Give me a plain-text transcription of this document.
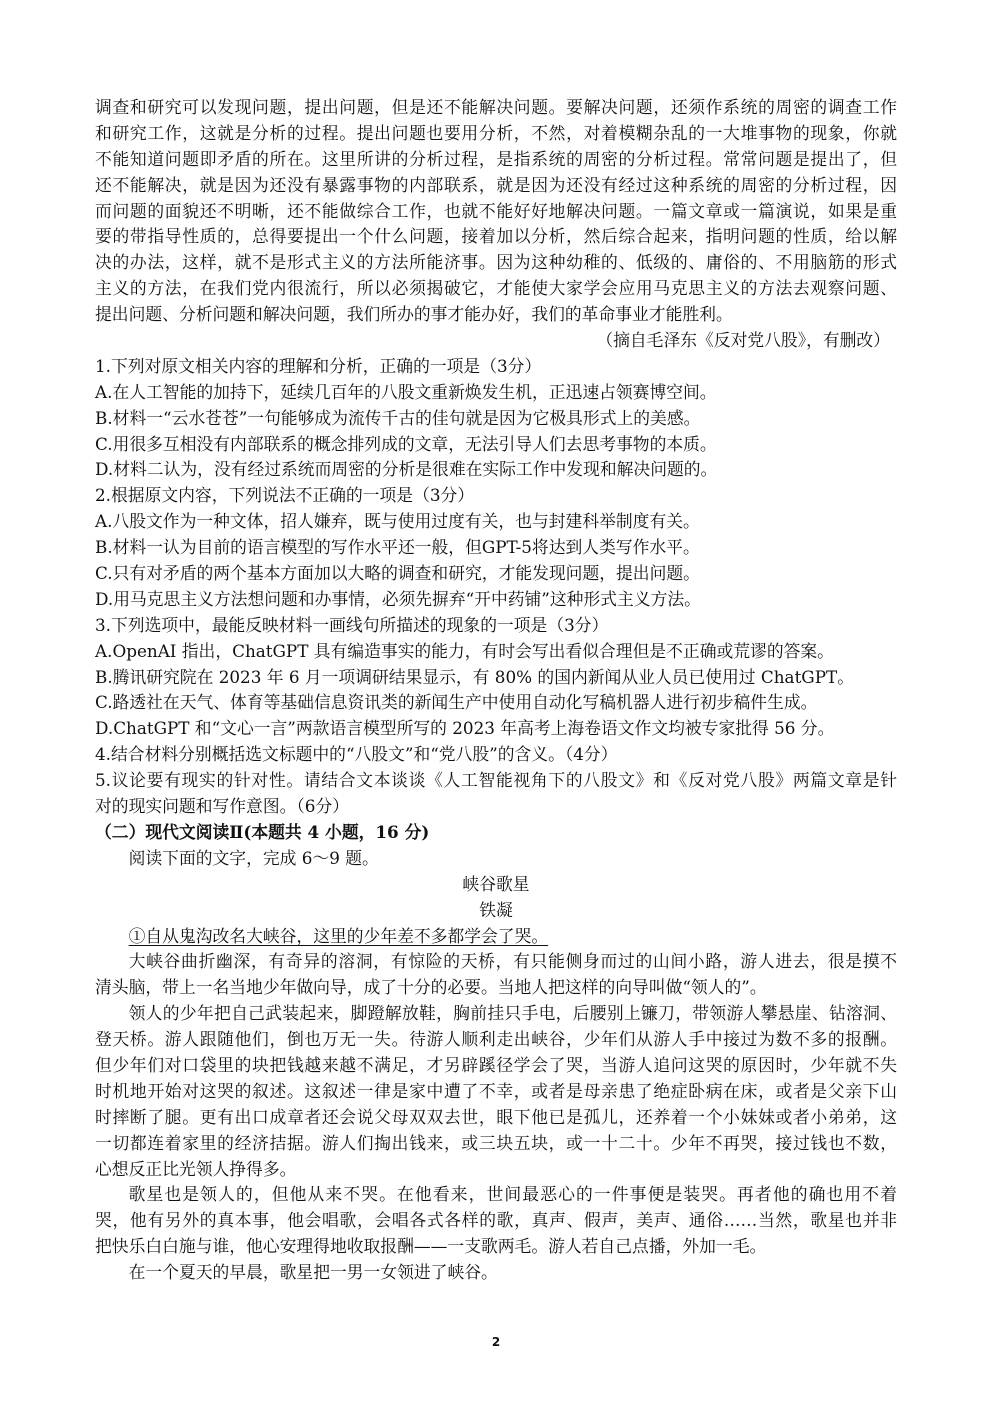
调查和研究可以发现问题，提出问题，但是还不能解决问题。要解决问题，还须作系统的周密的调查工作
和研究工作，这就是分析的过程。提出问题也要用分析，不然，对着模糊杂乱的一大堆事物的现象，你就
不能知道问题即矛盾的所在。这里所讲的分析过程，是指系统的周密的分析过程。常常问题是提出了，但
还不能解决，就是因为还没有暴露事物的内部联系，就是因为还没有经过这种系统的周密的分析过程，因
而问题的面貌还不明晰，还不能做综合工作，也就不能好好地解决问题。一篇文章或一篇演说，如果是重
要的带指导性质的，总得要提出一个什么问题，接着加以分析，然后综合起来，指明问题的性质，给以解
决的办法，这样，就不是形式主义的方法所能济事。因为这种幼稚的、低级的、庸俗的、不用脑筋的形式
主义的方法，在我们党内很流行，所以必须揭破它，才能使大家学会应用马克思主义的方法去观察问题、
提出问题、分析问题和解决问题，我们所办的事才能办好，我们的革命事业才能胜利。
（摘自毛泽东《反对党八股》，有删改）
1.下列对原文相关内容的理解和分析，正确的一项是（3分）
A.在人工智能的加持下，延续几百年的八股文重新焕发生机，正迅速占领赛博空间。
B.材料一“云水苍苍”一句能够成为流传千古的佳句就是因为它极具形式上的美感。
C.用很多互相没有内部联系的概念排列成的文章，无法引导人们去思考事物的本质。
D.材料二认为，没有经过系统而周密的分析是很难在实际工作中发现和解决问题的。
2.根据原文内容，下列说法不正确的一项是（3分）
A.八股文作为一种文体，招人嫌弃，既与使用过度有关，也与封建科举制度有关。
B.材料一认为目前的语言模型的写作水平还一般，但GPT-5将达到人类写作水平。
C.只有对矛盾的两个基本方面加以大略的调查和研究，才能发现问题，提出问题。
D.用马克思主义方法想问题和办事情，必须先摒弃“开中药铺”这种形式主义方法。
3.下列选项中，最能反映材料一画线句所描述的现象的一项是（3分）
A.OpenAI 指出，ChatGPT 具有编造事实的能力，有时会写出看似合理但是不正确或荒谬的答案。
B.腾讯研究院在 2023 年 6 月一项调研结果显示，有 80% 的国内新闻从业人员已使用过 ChatGPT。
C.路透社在天气、体育等基础信息资讯类的新闻生产中使用自动化写稿机器人进行初步稿件生成。
D.ChatGPT 和“文心一言”两款语言模型所写的 2023 年高考上海卷语文作文均被专家批得 56 分。
4.结合材料分别概括选文标题中的“八股文”和“党八股”的含义。（4分）
5.议论要有现实的针对性。请结合文本谈谈《人工智能视角下的八股文》和《反对党八股》两篇文章是针
对的现实问题和写作意图。（6分）
（二）现代文阅读Ⅱ(本题共 4 小题，16 分)
阅读下面的文字，完成 6～9 题。
峡谷歌星
铁凝
①自从鬼沟改名大峡谷，这里的少年差不多都学会了哭。
大峡谷曲折幽深，有奇异的溶洞，有惊险的天桥，有只能侧身而过的山间小路，游人进去，很是摸不
清头脑，带上一名当地少年做向导，成了十分的必要。当地人把这样的向导叫做“领人的”。
领人的少年把自己武装起来，脚蹬解放鞋，胸前挂只手电，后腰别上镰刀，带领游人攀悬崖、钻溶洞、
登天桥。游人跟随他们，倒也万无一失。待游人顺利走出峡谷，少年们从游人手中接过为数不多的报酬。
但少年们对口袋里的块把钱越来越不满足，才另辟蹊径学会了哭，当游人追问这哭的原因时，少年就不失
时机地开始对这哭的叙述。这叙述一律是家中遭了不幸，或者是母亲患了绝症卧病在床，或者是父亲下山
时摔断了腿。更有出口成章者还会说父母双双去世，眼下他已是孤儿，还养着一个小妹妹或者小弟弟，这
一切都连着家里的经济拮据。游人们掏出钱来，或三块五块，或一十二十。少年不再哭，接过钱也不数，
心想反正比光领人挣得多。
歌星也是领人的，但他从来不哭。在他看来，世间最恶心的一件事便是装哭。再者他的确也用不着
哭，他有另外的真本事，他会唱歌，会唱各式各样的歌，真声、假声，美声、通俗……当然，歌星也并非
把快乐白白施与谁，他心安理得地收取报酬——一支歌两毛。游人若自己点播，外加一毛。
在一个夏天的早晨，歌星把一男一女领进了峡谷。
2
